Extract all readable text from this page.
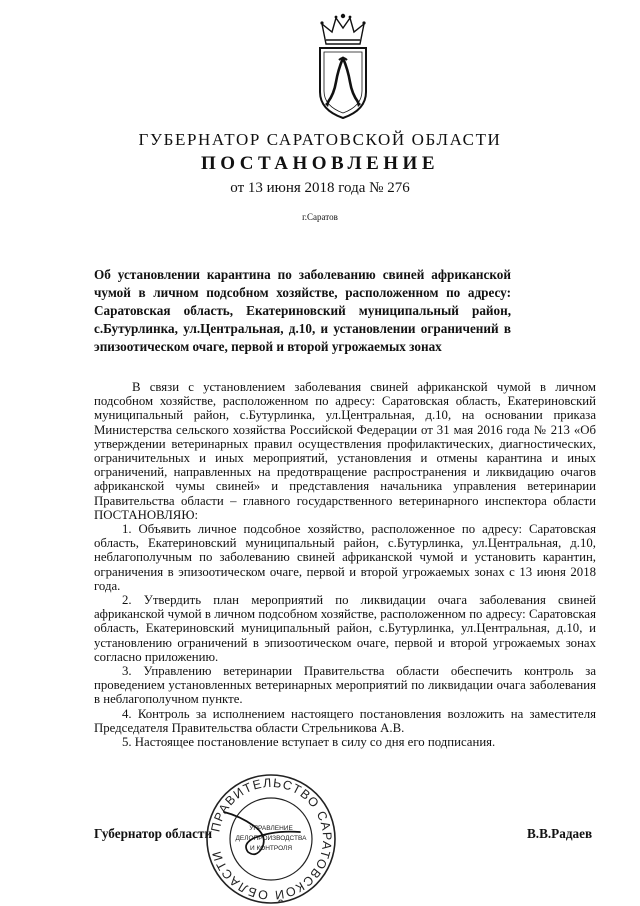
ГУБЕРНАТОР САРАТОВСКОЙ ОБЛАСТИ
ПОСТАНОВЛЕНИЕ
от 13 июня 2018 года № 276
г.Саратов

Об установлении карантина по заболеванию свиней африканской чумой в личном подсобном хозяйстве, расположенном по адресу: Саратовская область, Екатериновский муниципальный район, с.Бутурлинка, ул.Центральная, д.10, и установлении ограничений в эпизоотическом очаге, первой и второй угрожаемых зонах

В связи с установлением заболевания свиней африканской чумой в личном подсобном хозяйстве, расположенном по адресу: Саратовская область, Екатериновский муниципальный район, с.Бутурлинка, ул.Центральная, д.10, на основании приказа Министерства сельского хозяйства Российской Федерации от 31 мая 2016 года № 213 «Об утверждении ветеринарных правил осуществления профилактических, диагностических, ограничительных и иных мероприятий, установления и отмены карантина и иных ограничений, направленных на предотвращение распространения и ликвидацию очагов африканской чумы свиней» и представления начальника управления ветеринарии Правительства области – главного государственного ветеринарного инспектора области ПОСТАНОВЛЯЮ:

1. Объявить личное подсобное хозяйство, расположенное по адресу: Саратовская область, Екатериновский муниципальный район, с.Бутурлинка, ул.Центральная, д.10, неблагополучным по заболеванию свиней африканской чумой и установить карантин, ограничения в эпизоотическом очаге, первой и второй угрожаемых зонах с 13 июня 2018 года.

2. Утвердить план мероприятий по ликвидации очага заболевания свиней африканской чумой в личном подсобном хозяйстве, расположенном по адресу: Саратовская область, Екатериновский муниципальный район, с.Бутурлинка, ул.Центральная, д.10, и установлению ограничений в эпизоотическом очаге, первой и второй угрожаемых зонах согласно приложению.

3. Управлению ветеринарии Правительства области обеспечить контроль за проведением установленных ветеринарных мероприятий по ликвидации очага заболевания в неблагополучном пункте.

4. Контроль за исполнением настоящего постановления возложить на заместителя Председателя Правительства области Стрельникова А.В.

5. Настоящее постановление вступает в силу со дня его подписания.

Губернатор области	В.В.Радаев
ПРАВИТЕЛЬСТВО САРАТОВСКОЙ ОБЛАСТИ
УПРАВЛЕНИЕ
ДЕЛОПРОИЗВОДСТВА
И КОНТРОЛЯ
